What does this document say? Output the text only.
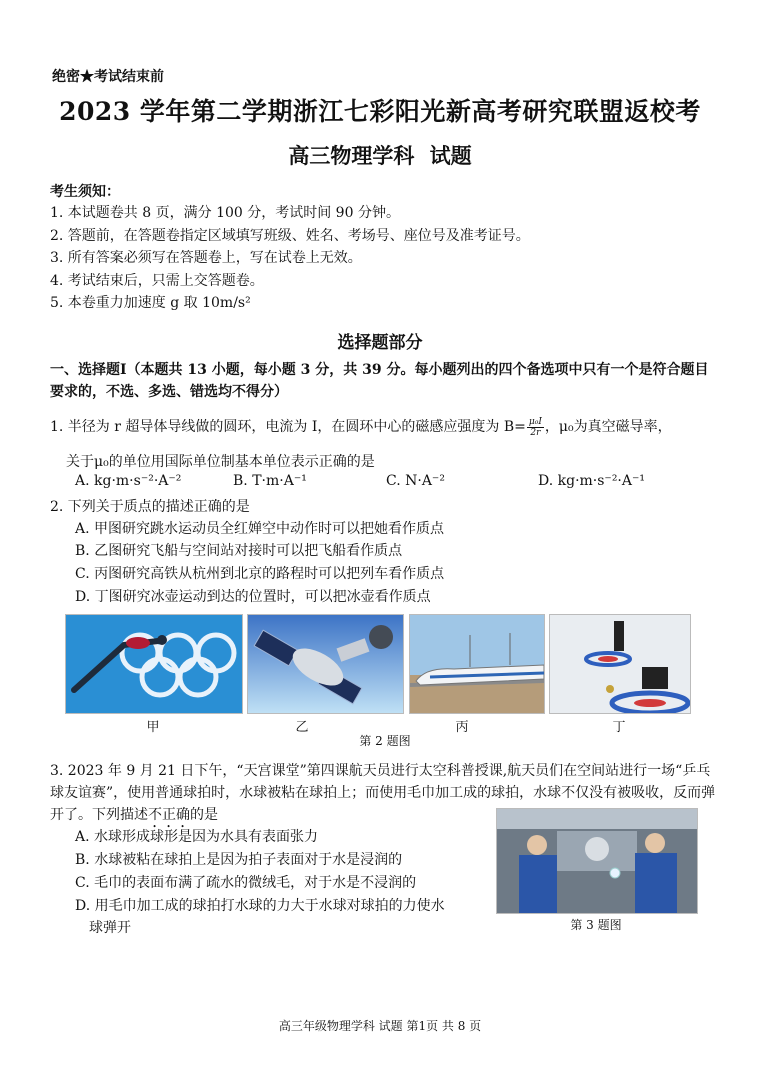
绝密★考试结束前
2023 学年第二学期浙江七彩阳光新高考研究联盟返校考
高三物理学科 试题
考生须知：
1. 本试题卷共 8 页，满分 100 分，考试时间 90 分钟。
2. 答题前，在答题卷指定区域填写班级、姓名、考场号、座位号及准考证号。
3. 所有答案必须写在答题卷上，写在试卷上无效。
4. 考试结束后，只需上交答题卷。
5. 本卷重力加速度 g 取 10m/s²
选择题部分
一、选择题Ⅰ（本题共 13 小题，每小题 3 分，共 39 分。每小题列出的四个备选项中只有一个是符合题目要求的，不选、多选、错选均不得分）
1. 半径为 r 超导体导线做的圆环，电流为 I，在圆环中心的磁感应强度为 $B= \frac{\text{μ₀I}}{2r}$ ，μ₀为真空磁导率，
关于μ₀的单位用国际单位制基本单位表示正确的是
A. kg·m·s⁻²·A⁻²	B. T·m·A⁻¹	C. N·A⁻²	D. kg·m·s⁻²·A⁻¹
2. 下列关于质点的描述正确的是
A. 甲图研究跳水运动员全红婵空中动作时可以把她看作质点
B. 乙图研究飞船与空间站对接时可以把飞船看作质点
C. 丙图研究高铁从杭州到北京的路程时可以把列车看作质点
D. 丁图研究冰壶运动到达的位置时，可以把冰壶看作质点
甲	乙	丙	丁
第 2 题图
3. 2023 年 9 月 21 日下午，“天宫课堂”第四课航天员进行太空科普授课,航天员们在空间站进行一场“乒乓球友谊赛”，使用普通球拍时，水球被粘在球拍上；而使用毛巾加工成的球拍，水球不仅没有被吸收，反而弹开了。下列描述不正确的是
A. 水球形成球形是因为水具有表面张力
B. 水球被粘在球拍上是因为拍子表面对于水是浸润的
C. 毛巾的表面布满了疏水的微绒毛，对于水是不浸润的
D. 用毛巾加工成的球拍打水球的力大于水球对球拍的力使水
球弹开	第 3 题图
高三年级物理学科 试题 第1页 共 8 页
